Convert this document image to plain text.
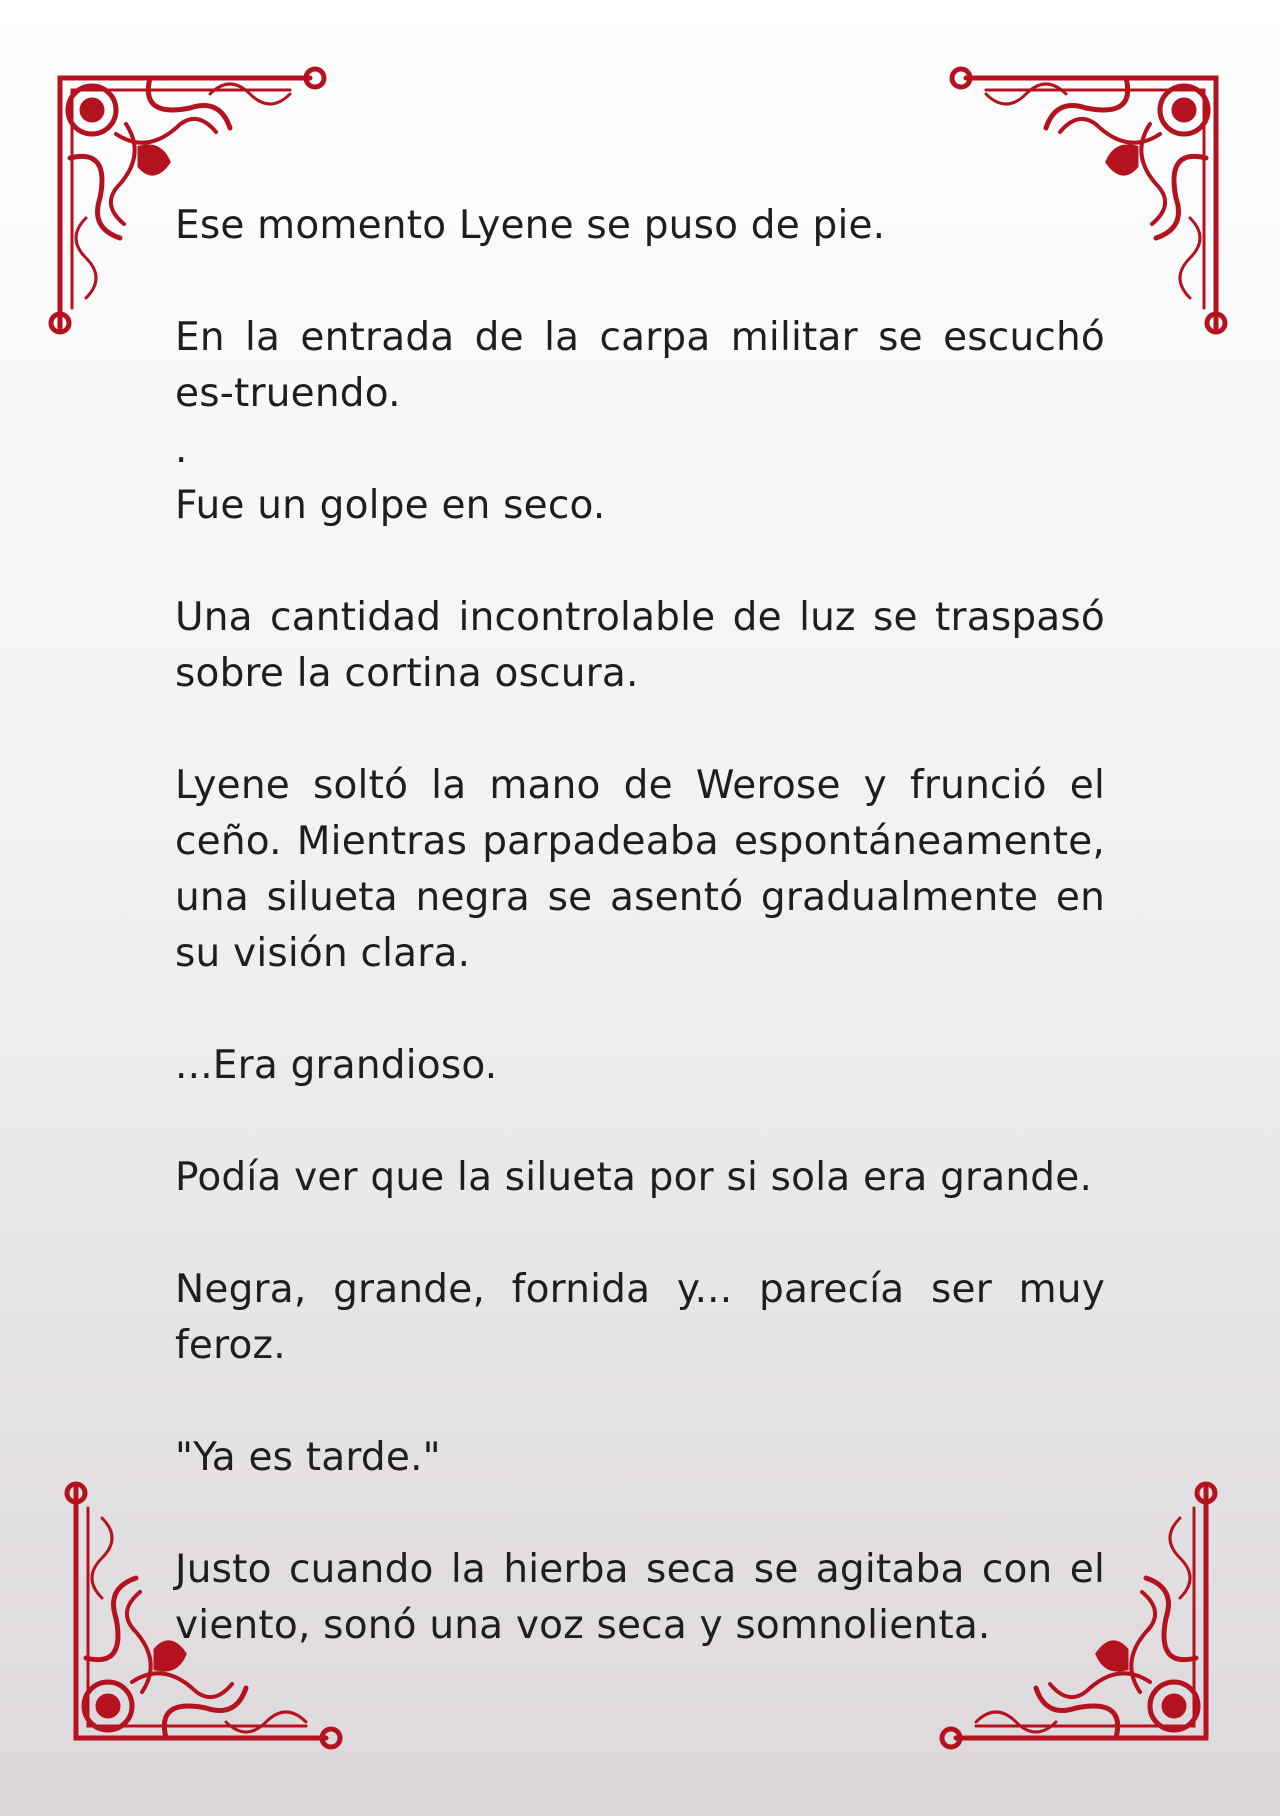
Ese momento Lyene se puso de pie.

En la entrada de la carpa militar se escuchó es-truendo.

.

Fue un golpe en seco.

Una cantidad incontrolable de luz se traspasó sobre la cortina oscura.

Lyene soltó la mano de Werose y frunció el ceño. Mientras parpadeaba espontáneamente, una silueta negra se asentó gradualmente en su visión clara.

...Era grandioso.

Podía ver que la silueta por si sola era grande.

Negra, grande, fornida y... parecía ser muy feroz.

"Ya es tarde."

Justo cuando la hierba seca se agitaba con el viento, sonó una voz seca y somnolienta.
